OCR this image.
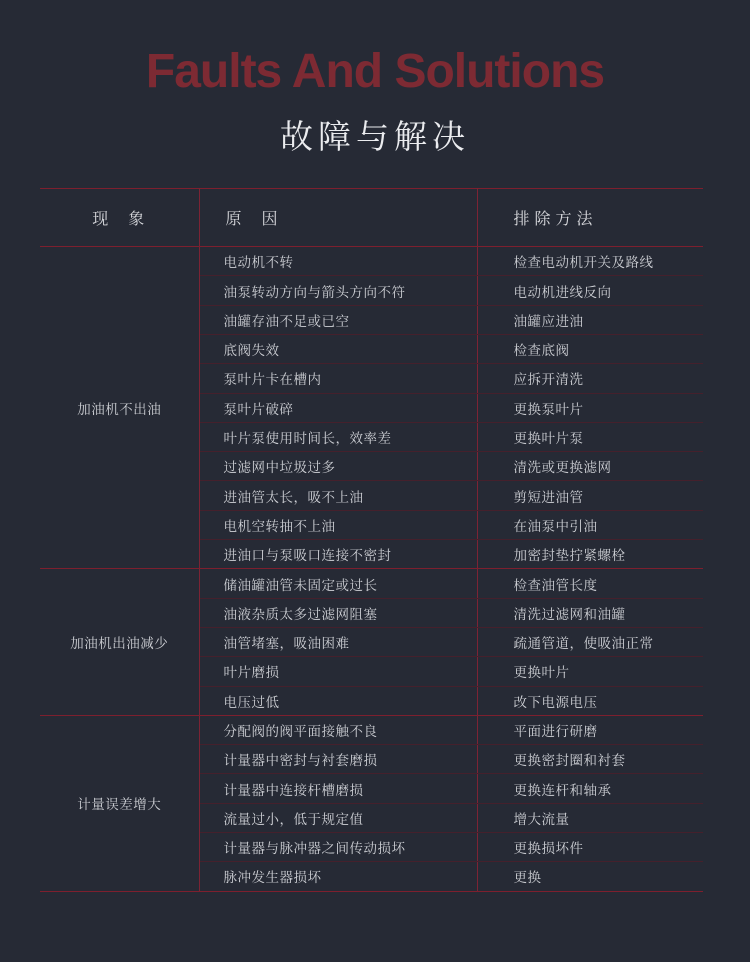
Faults And Solutions
故障与解决
现　象	原　因	排除方法
加油机不出油	电动机不转	检查电动机开关及路线
	油泵转动方向与箭头方向不符	电动机进线反向
	油罐存油不足或已空	油罐应进油
	底阀失效	检查底阀
	泵叶片卡在槽内	应拆开清洗
	泵叶片破碎	更换泵叶片
	叶片泵使用时间长，效率差	更换叶片泵
	过滤网中垃圾过多	清洗或更换滤网
	进油管太长，吸不上油	剪短进油管
	电机空转抽不上油	在油泵中引油
	进油口与泵吸口连接不密封	加密封垫拧紧螺栓
加油机出油减少	储油罐油管未固定或过长	检查油管长度
	油液杂质太多过滤网阻塞	清洗过滤网和油罐
	油管堵塞，吸油困难	疏通管道，使吸油正常
	叶片磨损	更换叶片
	电压过低	改下电源电压
计量误差增大	分配阀的阀平面接触不良	平面进行研磨
	计量器中密封与衬套磨损	更换密封圈和衬套
	计量器中连接杆槽磨损	更换连杆和轴承
	流量过小，低于规定值	增大流量
	计量器与脉冲器之间传动损坏	更换损坏件
	脉冲发生器损坏	更换
